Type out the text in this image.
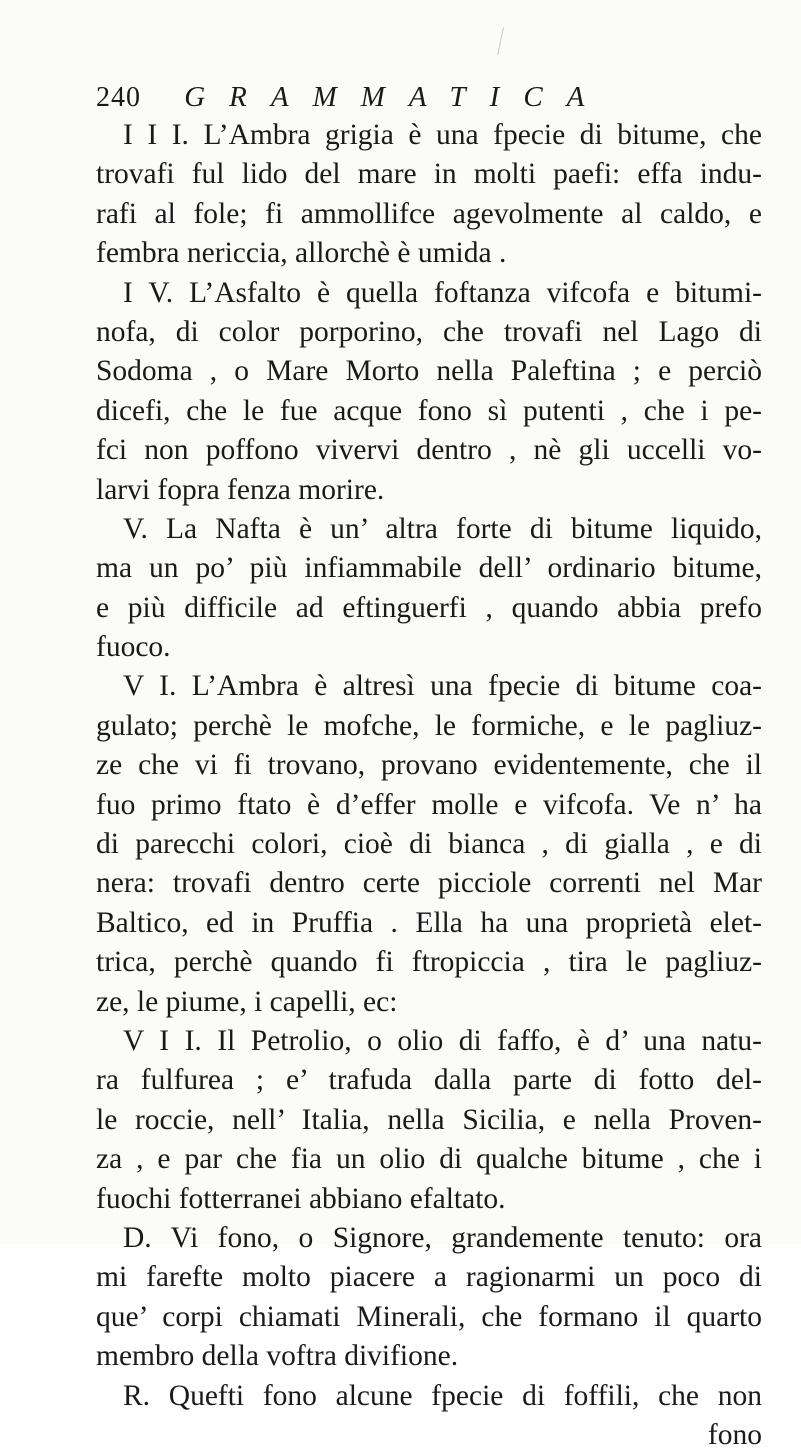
240 GRAMMATICA
I I I. L’Ambra grigia è una fpecie di bitume, che
trovafi ful lido del mare in molti paefi: effa indu-
rafi al fole; fi ammollifce agevolmente al caldo, e
fembra nericcia, allorchè è umida .
I V. L’Asfalto è quella foftanza vifcofa e bitumi-
nofa, di color porporino, che trovafi nel Lago di
Sodoma , o Mare Morto nella Paleftina ; e perciò
dicefi, che le fue acque fono sì putenti , che i pe-
fci non poffono vivervi dentro , nè gli uccelli vo-
larvi fopra fenza morire.
V. La Nafta è un’ altra forte di bitume liquido,
ma un po’ più infiammabile dell’ ordinario bitume,
e più difficile ad eftinguerfi , quando abbia prefo
fuoco.
V I. L’Ambra è altresì una fpecie di bitume coa-
gulato; perchè le mofche, le formiche, e le pagliuz-
ze che vi fi trovano, provano evidentemente, che il
fuo primo ftato è d’effer molle e vifcofa. Ve n’ ha
di parecchi colori, cioè di bianca , di gialla , e di
nera: trovafi dentro certe picciole correnti nel Mar
Baltico, ed in Pruffia . Ella ha una proprietà elet-
trica, perchè quando fi ftropiccia , tira le pagliuz-
ze, le piume, i capelli, ec:
V I I. Il Petrolio, o olio di faffo, è d’ una natu-
ra fulfurea ; e’ trafuda dalla parte di fotto del-
le roccie, nell’ Italia, nella Sicilia, e nella Proven-
za , e par che fia un olio di qualche bitume , che i
fuochi fotterranei abbiano efaltato.
D. Vi fono, o Signore, grandemente tenuto: ora
mi farefte molto piacere a ragionarmi un poco di
que’ corpi chiamati Minerali, che formano il quarto
membro della voftra divifione.
R. Quefti fono alcune fpecie di foffili, che non
fono
